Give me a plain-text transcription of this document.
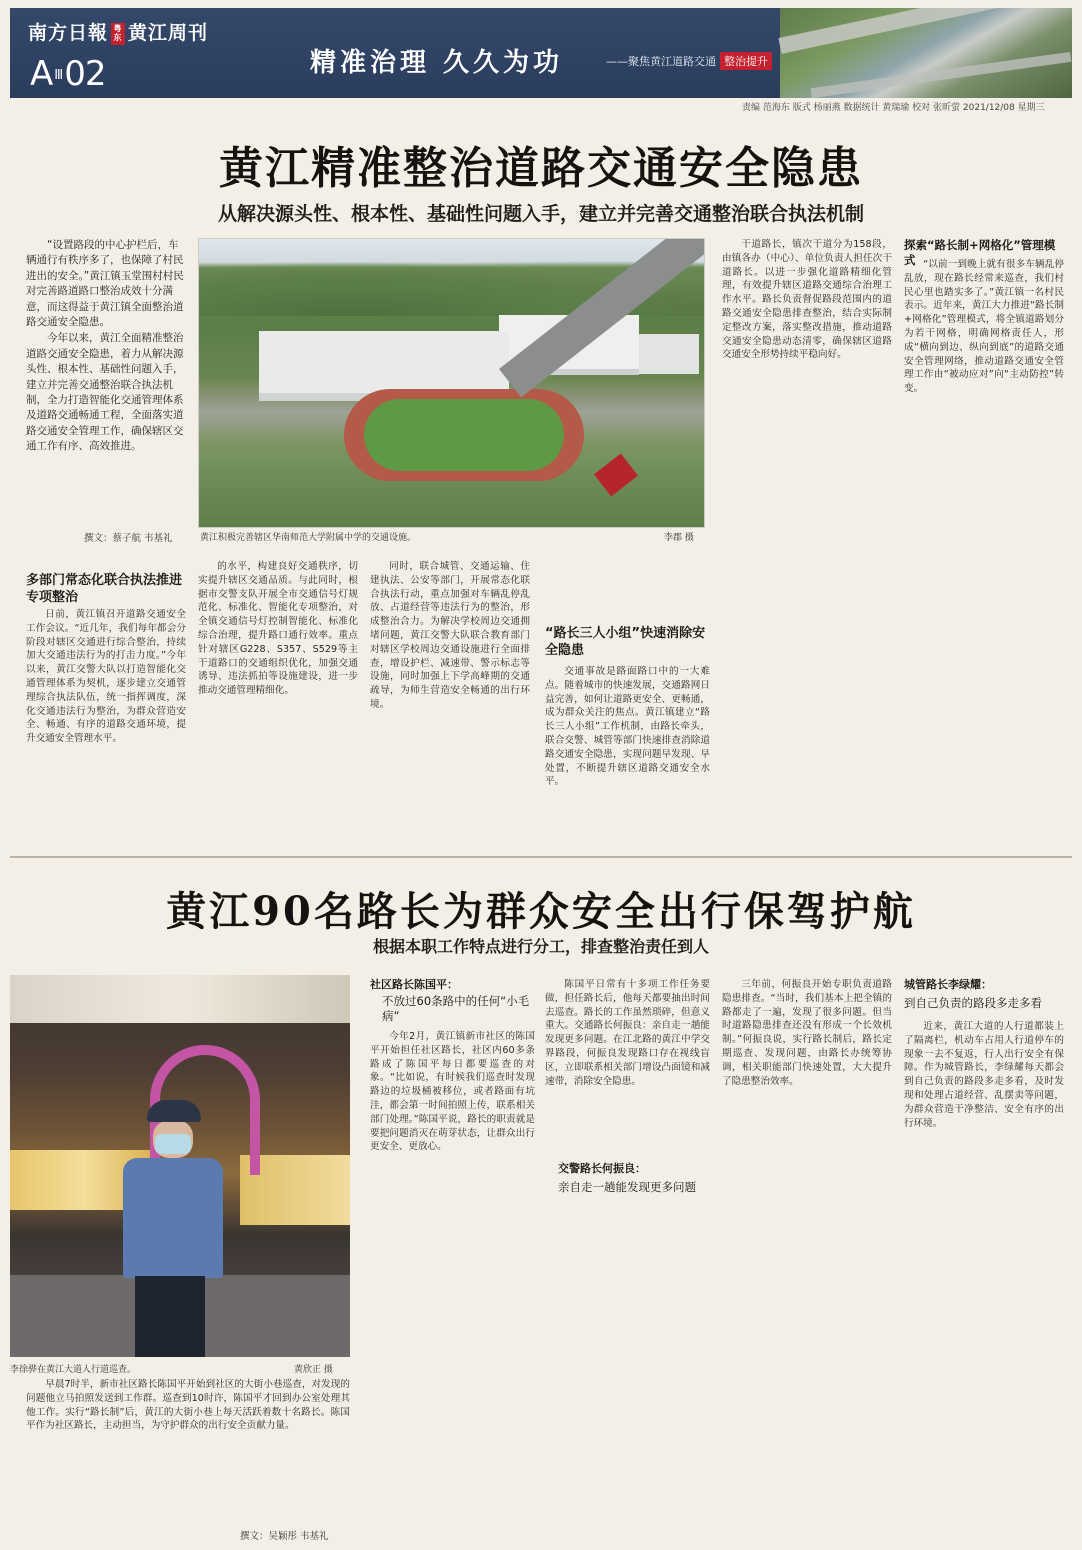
南方日報 粤东 黄江周刊
A Ⅲ02	精准治理 久久为功	——聚焦黄江道路交通 整治提升
责编 范海东 版式 杨丽燕 数据统计 黄瑞瑜 校对 张昕萤 2021/12/08 星期三
黄江精准整治道路交通安全隐患
从解决源头性、根本性、基础性问题入手，建立并完善交通整治联合执法机制

“设置路段的中心护栏后，车辆通行有秩序多了，也保障了村民进出的安全。”黄江镇玉堂围村村民对完善路道路口整治成效十分满意，而这得益于黄江镇全面整治道路交通安全隐患。

今年以来，黄江全面精准整治道路交通安全隐患，着力从解决源头性、根本性、基础性问题入手，建立并完善交通整治联合执法机制，全力打造智能化交通管理体系及道路交通畅通工程，全面落实道路交通安全管理工作，确保辖区交通工作有序、高效推进。

撰文：蔡子航 韦基礼	黄江积极完善辖区华南师范大学附属中学的交通设施。	李郡 摄
多部门常态化联合执法推进专项整治

日前，黄江镇召开道路交通安全工作会议。“近几年，我们每年都会分阶段对辖区交通进行综合整治，持续加大交通违法行为的打击力度。”今年以来，黄江交警大队以打造智能化交通管理体系为契机，逐步建立交通管理综合执法队伍，统一指挥调度，深化交通违法行为整治，为群众营造安全、畅通、有序的道路交通环境，提升交通安全管理水平。

的水平，构建良好交通秩序，切实提升辖区交通品质。与此同时，根据市交警支队开展全市交通信号灯规范化、标准化、智能化专项整治，对全镇交通信号灯控制智能化、标准化综合治理，提升路口通行效率。重点针对辖区G228、S357、S529等主干道路口的交通组织优化，加强交通诱导、违法抓拍等设施建设，进一步推动交通管理精细化。

同时，联合城管、交通运输、住建执法、公安等部门，开展常态化联合执法行动，重点加强对车辆乱停乱放、占道经营等违法行为的整治，形成整治合力。为解决学校周边交通拥堵问题，黄江交警大队联合教育部门对辖区学校周边交通设施进行全面排查，增设护栏、减速带、警示标志等设施，同时加强上下学高峰期的交通疏导，为师生营造安全畅通的出行环境。

“路长三人小组”快速消除安全隐患

交通事故是路面路口中的一大难点。随着城市的快速发展，交通路网日益完善，如何让道路更安全、更畅通，成为群众关注的焦点。黄江镇建立“路长三人小组”工作机制，由路长牵头，联合交警、城管等部门快速排查消除道路交通安全隐患，实现问题早发现、早处置，不断提升辖区道路交通安全水平。

干道路长，镇次干道分为158段，由镇各办（中心）、单位负责人担任次干道路长。以进一步强化道路精细化管理，有效提升辖区道路交通综合治理工作水平。路长负责督促路段范围内的道路交通安全隐患排查整治，结合实际制定整改方案，落实整改措施，推动道路交通安全隐患动态清零，确保辖区道路交通安全形势持续平稳向好。

探索“路长制+网格化”管理模式 “以前一到晚上就有很多车辆乱停乱放，现在路长经常来巡查，我们村民心里也踏实多了。”黄江镇一名村民表示。近年来，黄江大力推进“路长制+网格化”管理模式，将全镇道路划分为若干网格，明确网格责任人，形成“横向到边、纵向到底”的道路交通安全管理网络，推动道路交通安全管理工作由“被动应对”向“主动防控”转变。

黄江90名路长为群众安全出行保驾护航
根据本职工作特点进行分工，排查整治责任到人
李徐骅在黄江大道人行道巡查。	黄欣正 摄

早晨7时半，新市社区路长陈国平开始到社区的大街小巷巡查，对发现的问题他立马拍照发送到工作群。巡查到10时许，陈国平才回到办公室处理其他工作。实行“路长制”后，黄江的大街小巷上每天活跃着数十名路长。陈国平作为社区路长，主动担当，为守护群众的出行安全贡献力量。

撰文：吴颖彤 韦基礼
社区路长陈国平：
不放过60条路中的任何“小毛病”

今年2月，黄江镇新市社区的陈国平开始担任社区路长，社区内60多条路成了陈国平每日都要巡查的对象。“比如说，有时候我们巡查时发现路边的垃圾桶被移位，或者路面有坑洼，都会第一时间拍照上传，联系相关部门处理。”陈国平说，路长的职责就是要把问题消灭在萌芽状态，让群众出行更安全、更放心。

陈国平日常有十多项工作任务要做，担任路长后，他每天都要抽出时间去巡查。路长的工作虽然琐碎，但意义重大。交通路长何振良：亲自走一趟能发现更多问题。在江北路的黄江中学交界路段，何振良发现路口存在视线盲区，立即联系相关部门增设凸面镜和减速带，消除安全隐患。

交警路长何振良：
亲自走一趟能发现更多问题

三年前，何振良开始专职负责道路隐患排查。“当时，我们基本上把全镇的路都走了一遍，发现了很多问题。但当时道路隐患排查还没有形成一个长效机制。”何振良说，实行路长制后，路长定期巡查、发现问题，由路长办统筹协调，相关职能部门快速处置，大大提升了隐患整治效率。

城管路长李绿耀：
到自己负责的路段多走多看

近来，黄江大道的人行道都装上了隔离栏，机动车占用人行道停车的现象一去不复返，行人出行安全有保障。作为城管路长，李绿耀每天都会到自己负责的路段多走多看，及时发现和处理占道经营、乱摆卖等问题，为群众营造干净整洁、安全有序的出行环境。
